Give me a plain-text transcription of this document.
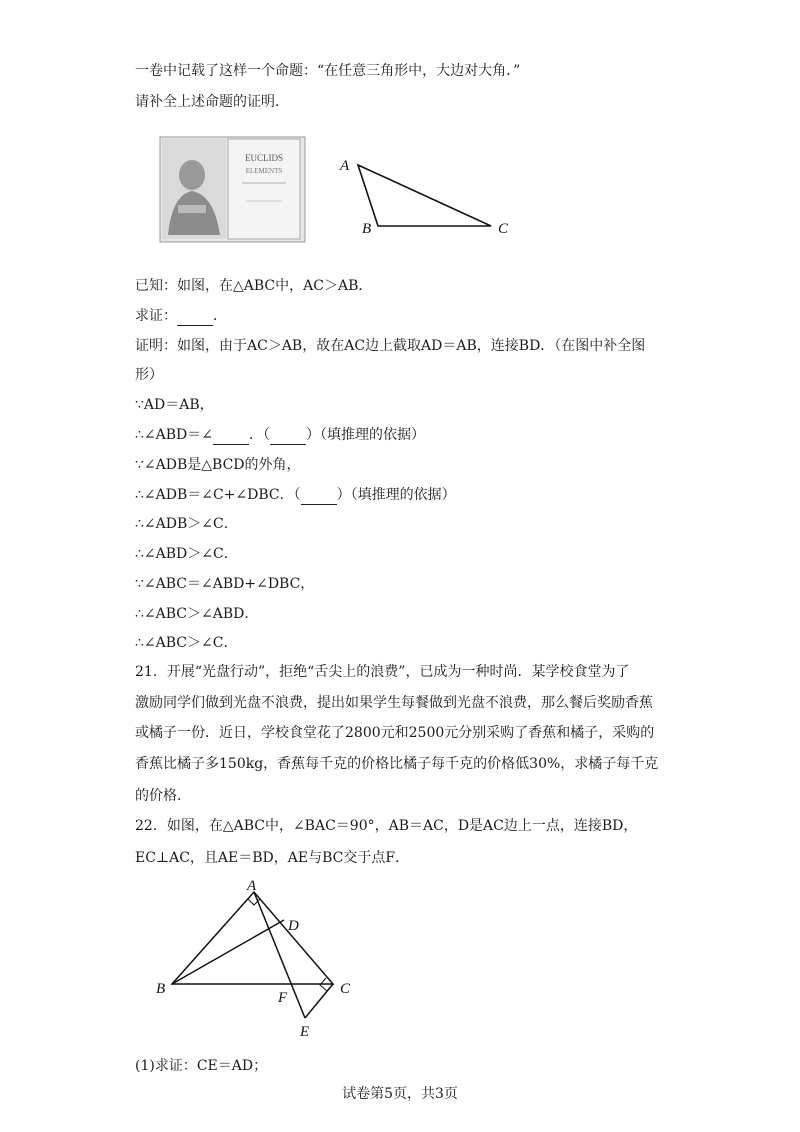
一卷中记载了这样一个命题：“在任意三角形中，大边对大角．”
请补全上述命题的证明．
EUCLIDS
ELEMENTS	A
B	C
已知：如图，在△ABC中，AC＞AB．
求证：	．
证明：如图，由于AC＞AB，故在AC边上截取AD＝AB，连接BD．（在图中补全图
形）
∵AD＝AB，
∴∠ABD＝∠	．（	）（填推理的依据）
∵∠ADB是△BCD的外角，
∴∠ADB＝∠C+∠DBC．（	）（填推理的依据）
∴∠ADB＞∠C．
∴∠ABD＞∠C．
∵∠ABC＝∠ABD+∠DBC，
∴∠ABC＞∠ABD．
∴∠ABC＞∠C．
21．开展“光盘行动”，拒绝“舌尖上的浪费”，已成为一种时尚．某学校食堂为了
激励同学们做到光盘不浪费，提出如果学生每餐做到光盘不浪费，那么餐后奖励香蕉
或橘子一份．近日，学校食堂花了2800元和2500元分别采购了香蕉和橘子，采购的
香蕉比橘子多150kg，香蕉每千克的价格比橘子每千克的价格低30%，求橘子每千克
的价格．
22．如图，在△ABC中，∠BAC＝90°，AB＝AC，D是AC边上一点，连接BD，
EC⊥AC，且AE＝BD，AE与BC交于点F．
A
D
B	C
F
E
(1)求证：CE＝AD；
试卷第5页，共3页
